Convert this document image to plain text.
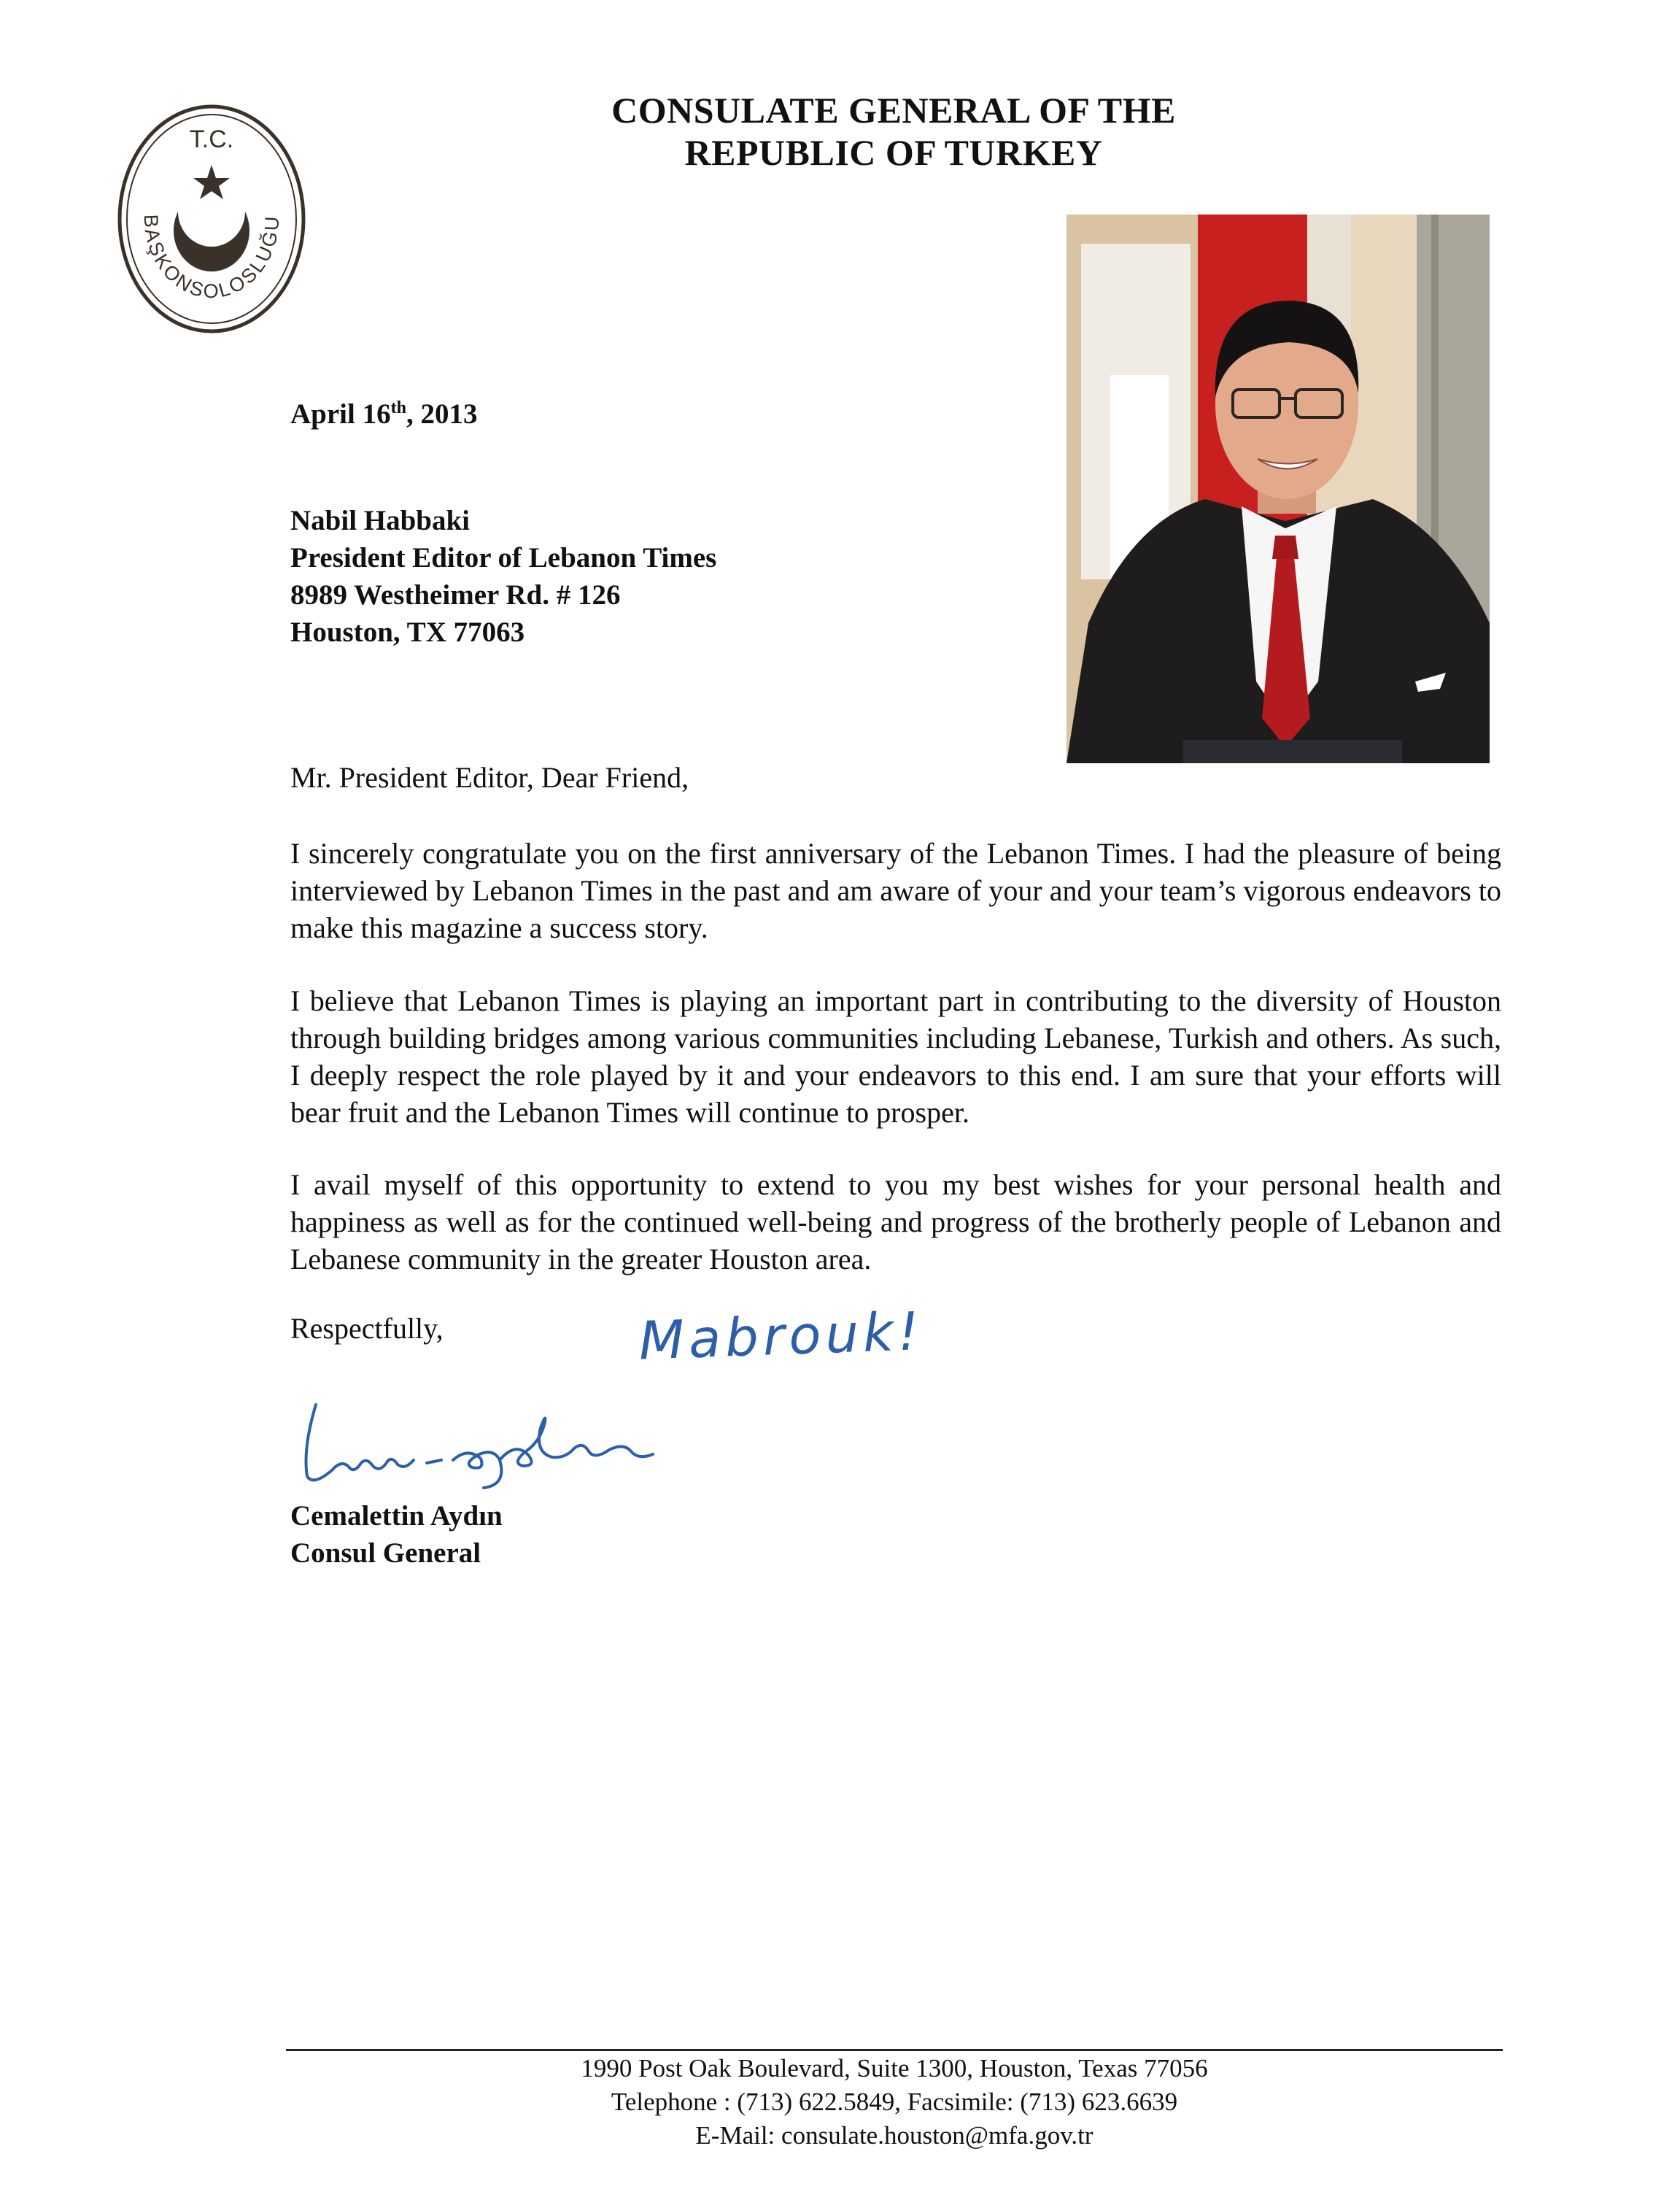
T.C.
BAŞKONSOLOSLUĞU
CONSULATE GENERAL OF THE
REPUBLIC OF TURKEY
April 16th, 2013
Nabil Habbaki
President Editor of Lebanon Times
8989 Westheimer Rd. # 126
Houston, TX 77063
Mr. President Editor, Dear Friend,
I sincerely congratulate you on the first anniversary of the Lebanon Times. I had the pleasure of being interviewed by Lebanon Times in the past and am aware of your and your team’s vigorous endeavors to make this magazine a success story.
I believe that Lebanon Times is playing an important part in contributing to the diversity of Houston through building bridges among various communities including Lebanese, Turkish and others. As such, I deeply respect the role played by it and your endeavors to this end. I am sure that your efforts will bear fruit and the Lebanon Times will continue to prosper.
I avail myself of this opportunity to extend to you my best wishes for your personal health and happiness as well as for the continued well-being and progress of the brotherly people of Lebanon and Lebanese community in the greater Houston area.
Respectfully,	Mabrouk!
Cemalettin Aydın
Consul General
1990 Post Oak Boulevard, Suite 1300, Houston, Texas 77056
Telephone : (713) 622.5849, Facsimile: (713) 623.6639
E-Mail: consulate.houston@mfa.gov.tr
